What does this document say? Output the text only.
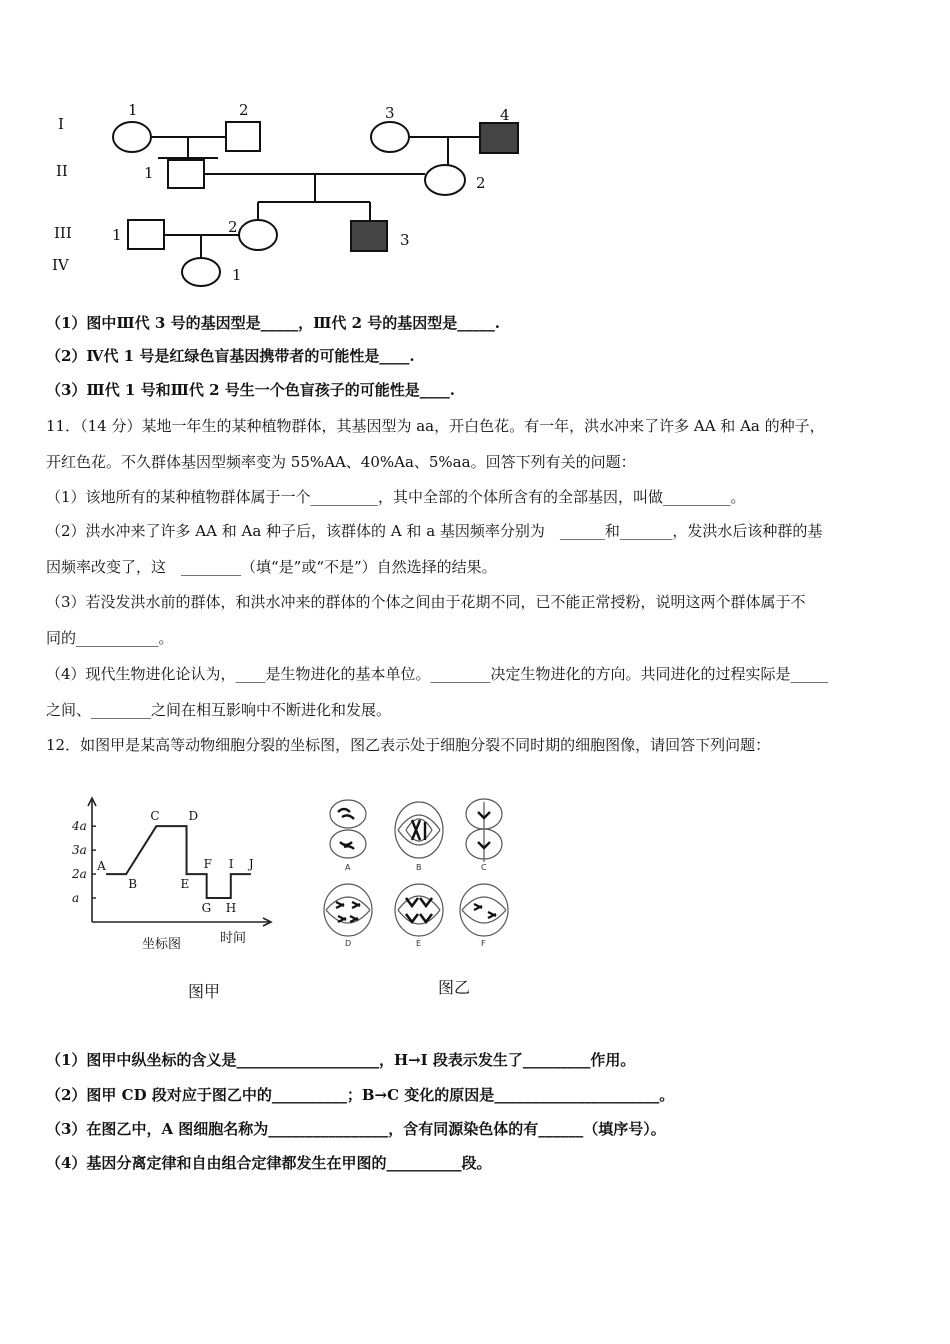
I
II
III
IV
1	2	3	4
1
2
1	2
3
1
（1）图中Ⅲ代 3 号的基因型是_____，Ⅲ代 2 号的基因型是_____.
（2）Ⅳ代 1 号是红绿色盲基因携带者的可能性是____.
（3）Ⅲ代 1 号和Ⅲ代 2 号生一个色盲孩子的可能性是____.
11．（14 分）某地一年生的某种植物群体，其基因型为 aa，开白色花。有一年，洪水冲来了许多 AA 和 Aa 的种子，
开红色花。不久群体基因型频率变为 55%AA、40%Aa、5%aa。回答下列有关的问题：
（1）该地所有的某种植物群体属于一个_________，其中全部的个体所含有的全部基因，叫做_________。
（2）洪水冲来了许多 AA 和 Aa 种子后，该群体的 A 和 a 基因频率分别为　______和_______，发洪水后该种群的基
因频率改变了，这　________（填“是”或“不是”）自然选择的结果。
（3）若没发洪水前的群体，和洪水冲来的群体的个体之间由于花期不同，已不能正常授粉，说明这两个群体属于不
同的___________。
（4）现代生物进化论认为，____是生物进化的基本单位。________决定生物进化的方向。共同进化的过程实际是_____
之间、________之间在相互影响中不断进化和发展。
12．如图甲是某高等动物细胞分裂的坐标图，图乙表示处于细胞分裂不同时期的细胞图像，请回答下列问题：
a
2a
3a
4a
A
B
C D
E
F
G H
I J
坐标图	时间
图甲
A	B	C
D	E	F
图乙
（1）图甲中纵坐标的含义是___________________，H→I 段表示发生了_________作用。
（2）图甲 CD 段对应于图乙中的__________；B→C 变化的原因是______________________。
（3）在图乙中，A 图细胞名称为________________，含有同源染色体的有______（填序号）。
（4）基因分离定律和自由组合定律都发生在甲图的__________段。
